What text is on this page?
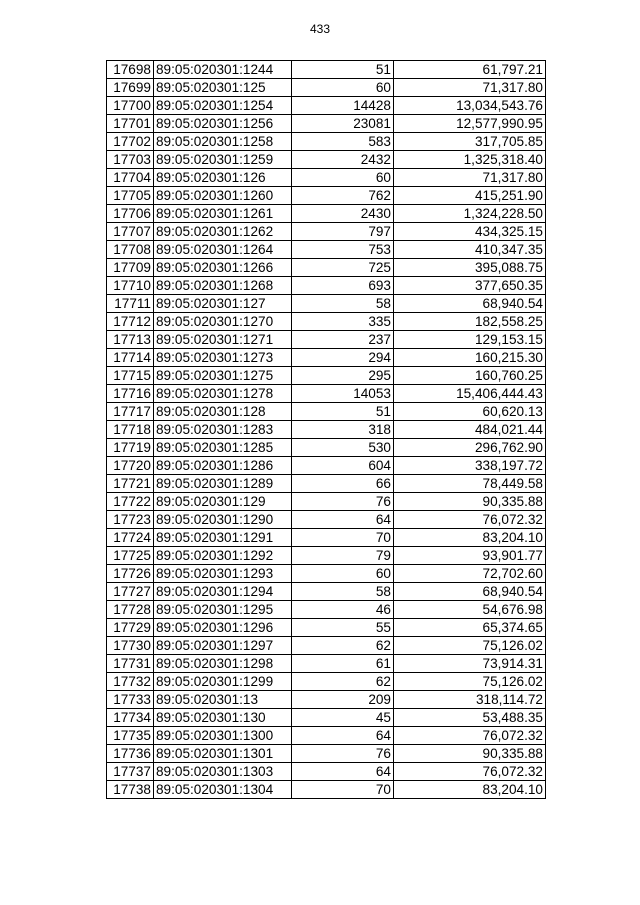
433
17698	89:05:020301:1244	51	61,797.21
17699	89:05:020301:125	60	71,317.80
17700	89:05:020301:1254	14428	13,034,543.76
17701	89:05:020301:1256	23081	12,577,990.95
17702	89:05:020301:1258	583	317,705.85
17703	89:05:020301:1259	2432	1,325,318.40
17704	89:05:020301:126	60	71,317.80
17705	89:05:020301:1260	762	415,251.90
17706	89:05:020301:1261	2430	1,324,228.50
17707	89:05:020301:1262	797	434,325.15
17708	89:05:020301:1264	753	410,347.35
17709	89:05:020301:1266	725	395,088.75
17710	89:05:020301:1268	693	377,650.35
17711	89:05:020301:127	58	68,940.54
17712	89:05:020301:1270	335	182,558.25
17713	89:05:020301:1271	237	129,153.15
17714	89:05:020301:1273	294	160,215.30
17715	89:05:020301:1275	295	160,760.25
17716	89:05:020301:1278	14053	15,406,444.43
17717	89:05:020301:128	51	60,620.13
17718	89:05:020301:1283	318	484,021.44
17719	89:05:020301:1285	530	296,762.90
17720	89:05:020301:1286	604	338,197.72
17721	89:05:020301:1289	66	78,449.58
17722	89:05:020301:129	76	90,335.88
17723	89:05:020301:1290	64	76,072.32
17724	89:05:020301:1291	70	83,204.10
17725	89:05:020301:1292	79	93,901.77
17726	89:05:020301:1293	60	72,702.60
17727	89:05:020301:1294	58	68,940.54
17728	89:05:020301:1295	46	54,676.98
17729	89:05:020301:1296	55	65,374.65
17730	89:05:020301:1297	62	75,126.02
17731	89:05:020301:1298	61	73,914.31
17732	89:05:020301:1299	62	75,126.02
17733	89:05:020301:13	209	318,114.72
17734	89:05:020301:130	45	53,488.35
17735	89:05:020301:1300	64	76,072.32
17736	89:05:020301:1301	76	90,335.88
17737	89:05:020301:1303	64	76,072.32
17738	89:05:020301:1304	70	83,204.10
